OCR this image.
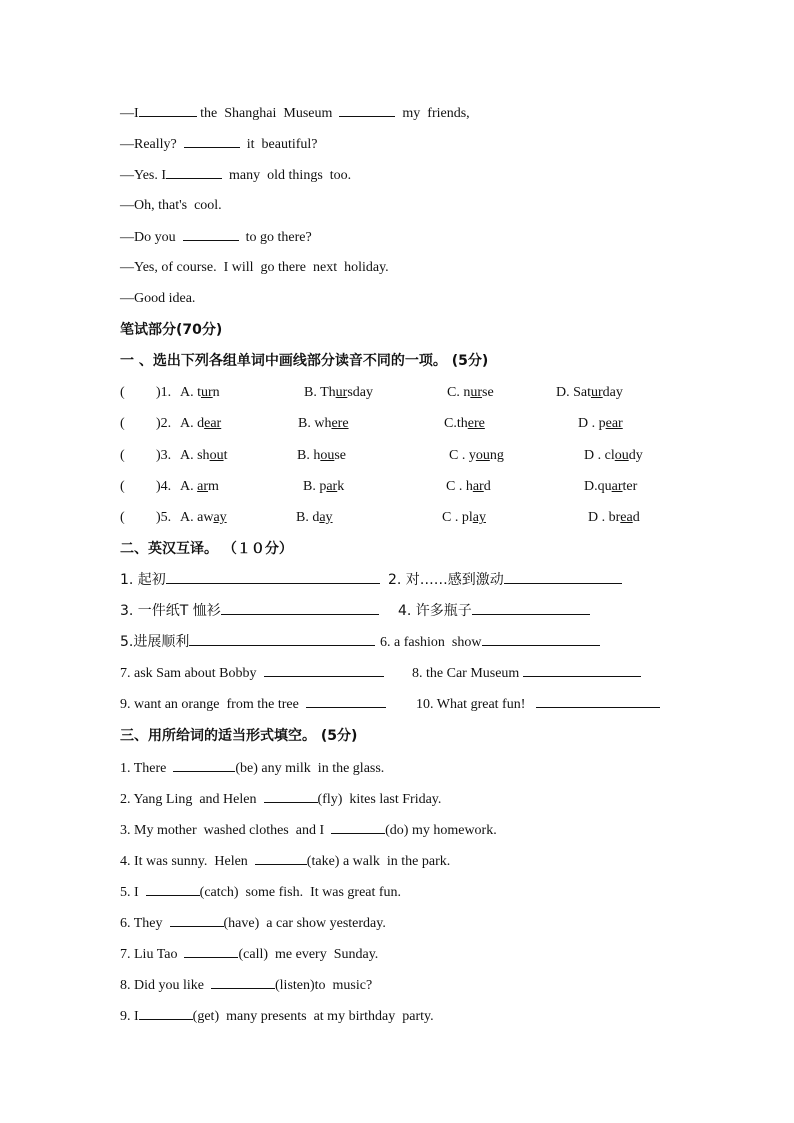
—I	the  Shanghai  Museum	my  friends,
—Really?	it  beautiful?
—Yes. I	many  old things  too.
—Oh, that's  cool.
—Do you	to go there?
—Yes, of course.  I will  go there  next  holiday.
—Good idea.
笔试部分(70分)
一 、选出下列各组单词中画线部分读音不同的一项。 (5分)
( )1. A. turn	B. Thursday	C. nurse	D. Saturday
( )2. A. dear	B. where	C.there	D . pear
( )3. A. shout	B. house	C . young	D . cloudy
( )4. A. arm	B. park	C . hard	D.quarter
( )5. A. away	B. day	C . play	D . bread
二、英汉互译。 （１０分）
1. 起初	2. 对……感到激动
3. 一件纸T 恤衫	4. 许多瓶子
5.进展顺利	6. a fashion  show
7. ask Sam about Bobby	8. the Car Museum
9. want an orange  from the tree	10. What great fun!
三、用所给词的适当形式填空。 (5分)
1. There	(be) any milk  in the glass.
2. Yang Ling  and Helen	(fly)  kites last Friday.
3. My mother  washed clothes  and I	(do) my homework.
4. It was sunny.  Helen	(take) a walk  in the park.
5. I	(catch)  some fish.  It was great fun.
6. They	(have)  a car show yesterday.
7. Liu Tao	(call)  me every  Sunday.
8. Did you like	(listen)to  music?
9. I	(get)  many presents  at my birthday  party.
